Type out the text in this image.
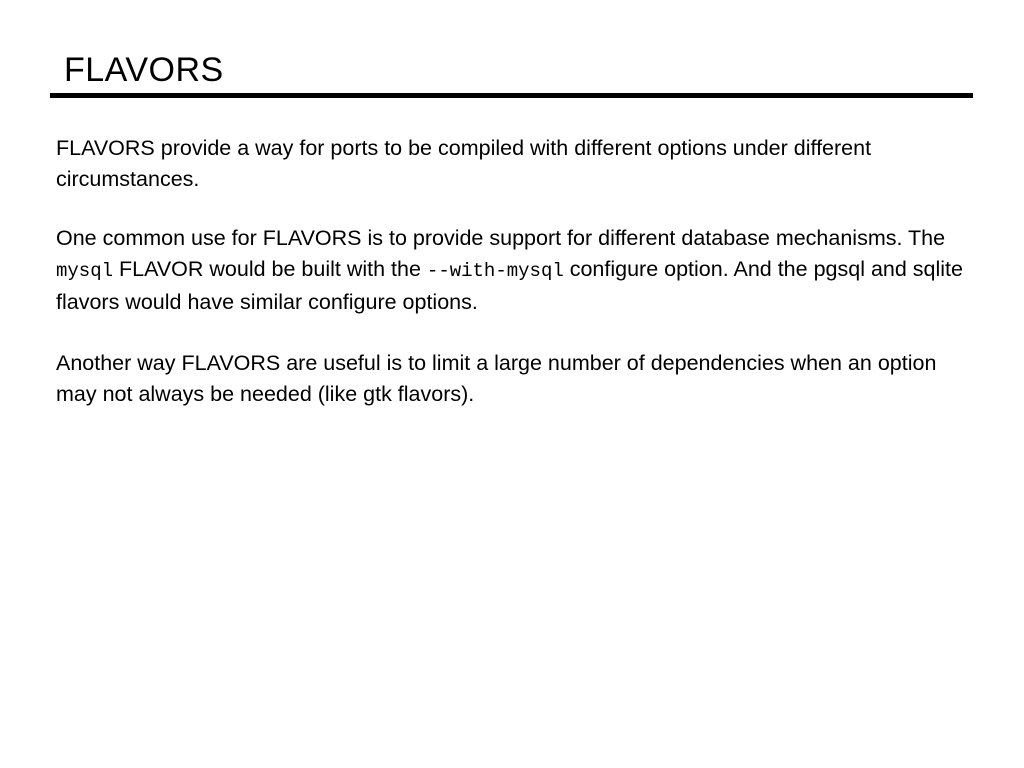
FLAVORS

FLAVORS provide a way for ports to be compiled with different options under different circumstances.

One common use for FLAVORS is to provide support for different database mechanisms. The mysql FLAVOR would be built with the --with-mysql configure option. And the pgsql and sqlite flavors would have similar configure options.

Another way FLAVORS are useful is to limit a large number of dependencies when an option may not always be needed (like gtk flavors).
